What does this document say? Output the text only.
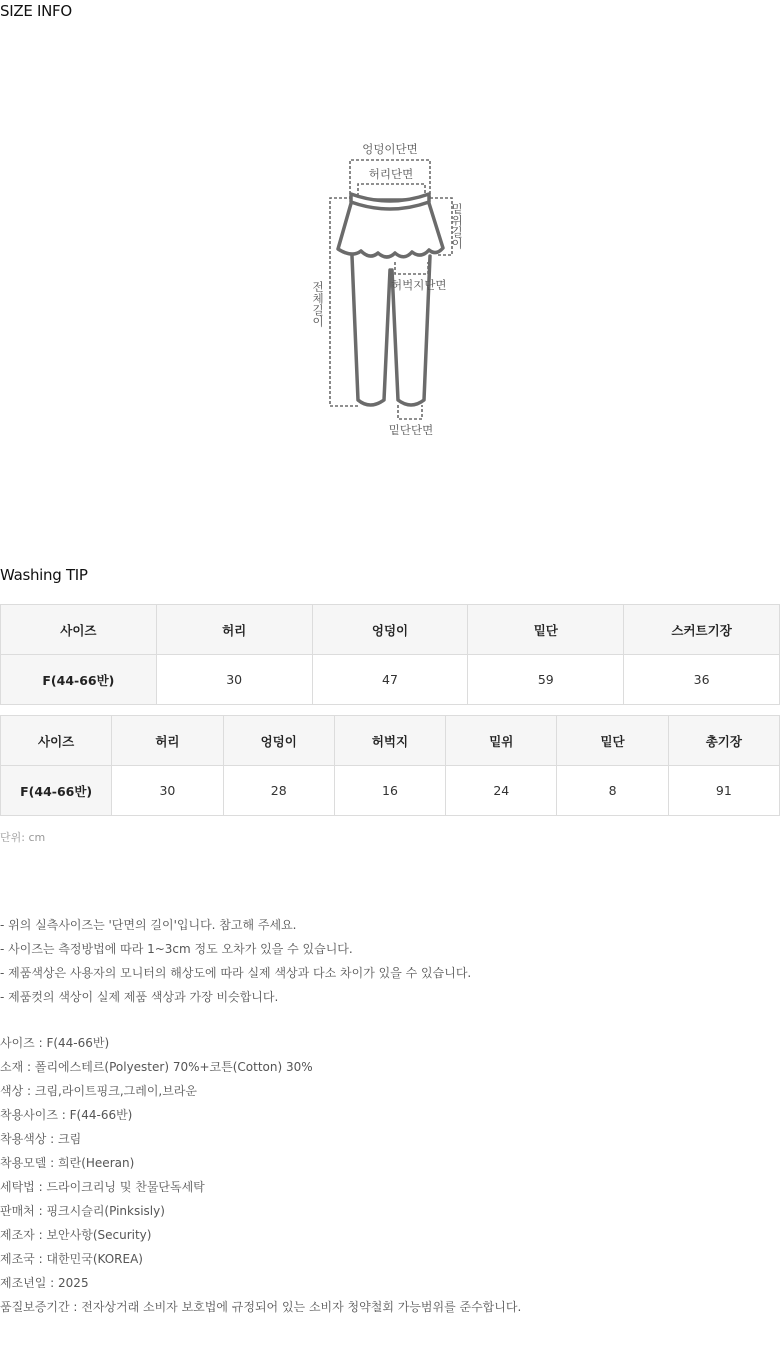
SIZE INFO
엉덩이단면
허리단면
허벅지단면
밑단단면
밑위길이
전체길이
Washing TIP
사이즈	허리	엉덩이	밑단	스커트기장
F(44-66반)	30	47	59	36
사이즈	허리	엉덩이	허벅지	밑위	밑단	총기장
F(44-66반)	30	28	16	24	8	91
단위: cm
- 위의 실측사이즈는 '단면의 길이'입니다. 참고해 주세요.
- 사이즈는 측정방법에 따라 1~3cm 정도 오차가 있을 수 있습니다.
- 제품색상은 사용자의 모니터의 해상도에 따라 실제 색상과 다소 차이가 있을 수 있습니다.
- 제품컷의 색상이 실제 제품 색상과 가장 비슷합니다.
사이즈 : F(44-66반)
소재 : 폴리에스테르(Polyester) 70%+코튼(Cotton) 30%
색상 : 크림,라이트핑크,그레이,브라운
착용사이즈 : F(44-66반)
착용색상 : 크림
착용모델 : 희란(Heeran)
세탁법 : 드라이크리닝 및 찬물단독세탁
판매처 : 핑크시슬리(Pinksisly)
제조자 : 보안사항(Security)
제조국 : 대한민국(KOREA)
제조년일 : 2025
품질보증기간 : 전자상거래 소비자 보호법에 규정되어 있는 소비자 청약철회 가능범위를 준수합니다.
